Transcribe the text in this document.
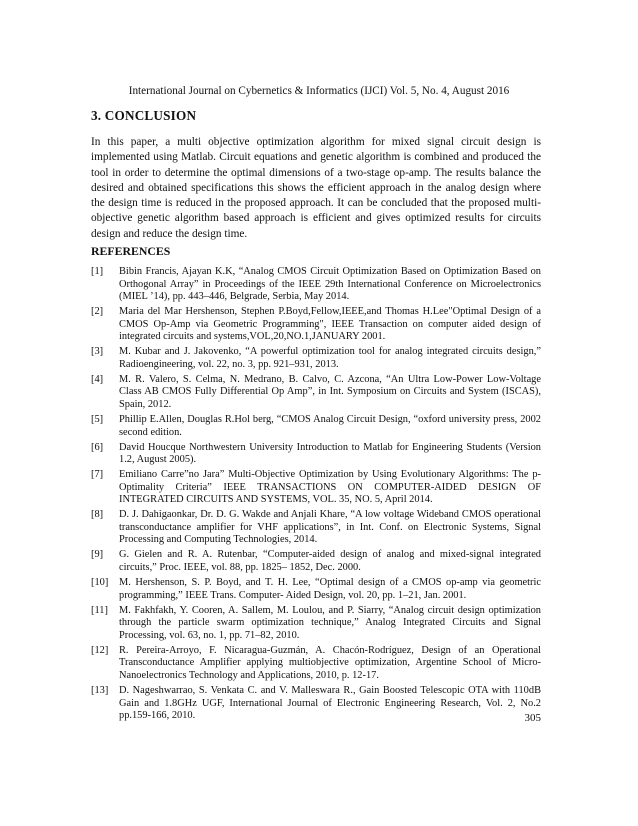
International Journal on Cybernetics & Informatics (IJCI) Vol. 5, No. 4, August 2016
3. CONCLUSION

In this paper, a multi objective optimization algorithm for mixed signal circuit design is implemented using Matlab. Circuit equations and genetic algorithm is combined and produced the tool in order to determine the optimal dimensions of a two-stage op-amp. The results balance the desired and obtained specifications this shows the efficient approach in the analog design where the design time is reduced in the proposed approach. It can be concluded that the proposed multi-objective genetic algorithm based approach is efficient and gives optimized results for circuits design and reduce the design time.

REFERENCES
[1]	Bibin Francis, Ajayan K.K, “Analog CMOS Circuit Optimization Based on Optimization Based on Orthogonal Array” in Proceedings of the IEEE 29th International Conference on Microelectronics (MIEL ’14), pp. 443–446, Belgrade, Serbia, May 2014.
[2]	Maria del Mar Hershenson, Stephen P.Boyd,Fellow,IEEE,and Thomas H.Lee"Optimal Design of a CMOS Op-Amp via Geometric Programming", IEEE Transaction on computer aided design of integrated circuits and systems,VOL,20,NO.1,JANUARY 2001.
[3]	M. Kubar and J. Jakovenko, “A powerful optimization tool for analog integrated circuits design,” Radioengineering, vol. 22, no. 3, pp. 921–931, 2013.
[4]	M. R. Valero, S. Celma, N. Medrano, B. Calvo, C. Azcona, “An Ultra Low-Power Low-Voltage Class AB CMOS Fully Differential Op Amp”, in Int. Symposium on Circuits and System (ISCAS), Spain, 2012.
[5]	Phillip E.Allen, Douglas R.Hol berg, “CMOS Analog Circuit Design, “oxford university press, 2002 second edition.
[6]	David Houcque Northwestern University Introduction to Matlab for Engineering Students (Version 1.2, August 2005).
[7]	Emiliano Carre”no Jara” Multi-Objective Optimization by Using Evolutionary Algorithms: The p-Optimality Criteria” IEEE TRANSACTIONS ON COMPUTER-AIDED DESIGN OF INTEGRATED CIRCUITS AND SYSTEMS, VOL. 35, NO. 5, April 2014.
[8]	D. J. Dahigaonkar, Dr. D. G. Wakde and Anjali Khare, “A low voltage Wideband CMOS operational transconductance amplifier for VHF applications”, in Int. Conf. on Electronic Systems, Signal Processing and Computing Technologies, 2014.
[9]	G. Gielen and R. A. Rutenbar, “Computer-aided design of analog and mixed-signal integrated circuits,” Proc. IEEE, vol. 88, pp. 1825– 1852, Dec. 2000.
[10]	M. Hershenson, S. P. Boyd, and T. H. Lee, “Optimal design of a CMOS op-amp via geometric programming,” IEEE Trans. Computer- Aided Design, vol. 20, pp. 1–21, Jan. 2001.
[11]	M. Fakhfakh, Y. Cooren, A. Sallem, M. Loulou, and P. Siarry, “Analog circuit design optimization through the particle swarm optimization technique,” Analog Integrated Circuits and Signal Processing, vol. 63, no. 1, pp. 71–82, 2010.
[12]	R. Pereira-Arroyo, F. Nicaragua-Guzmán, A. Chacón-Rodríguez, Design of an Operational Transconductance Amplifier applying multiobjective optimization, Argentine School of Micro-Nanoelectronics Technology and Applications, 2010, p. 12-17.
[13]	D. Nageshwarrao, S. Venkata C. and V. Malleswara R., Gain Boosted Telescopic OTA with 110dB Gain and 1.8GHz UGF, International Journal of Electronic Engineering Research, Vol. 2, No.2 pp.159-166, 2010.	305
